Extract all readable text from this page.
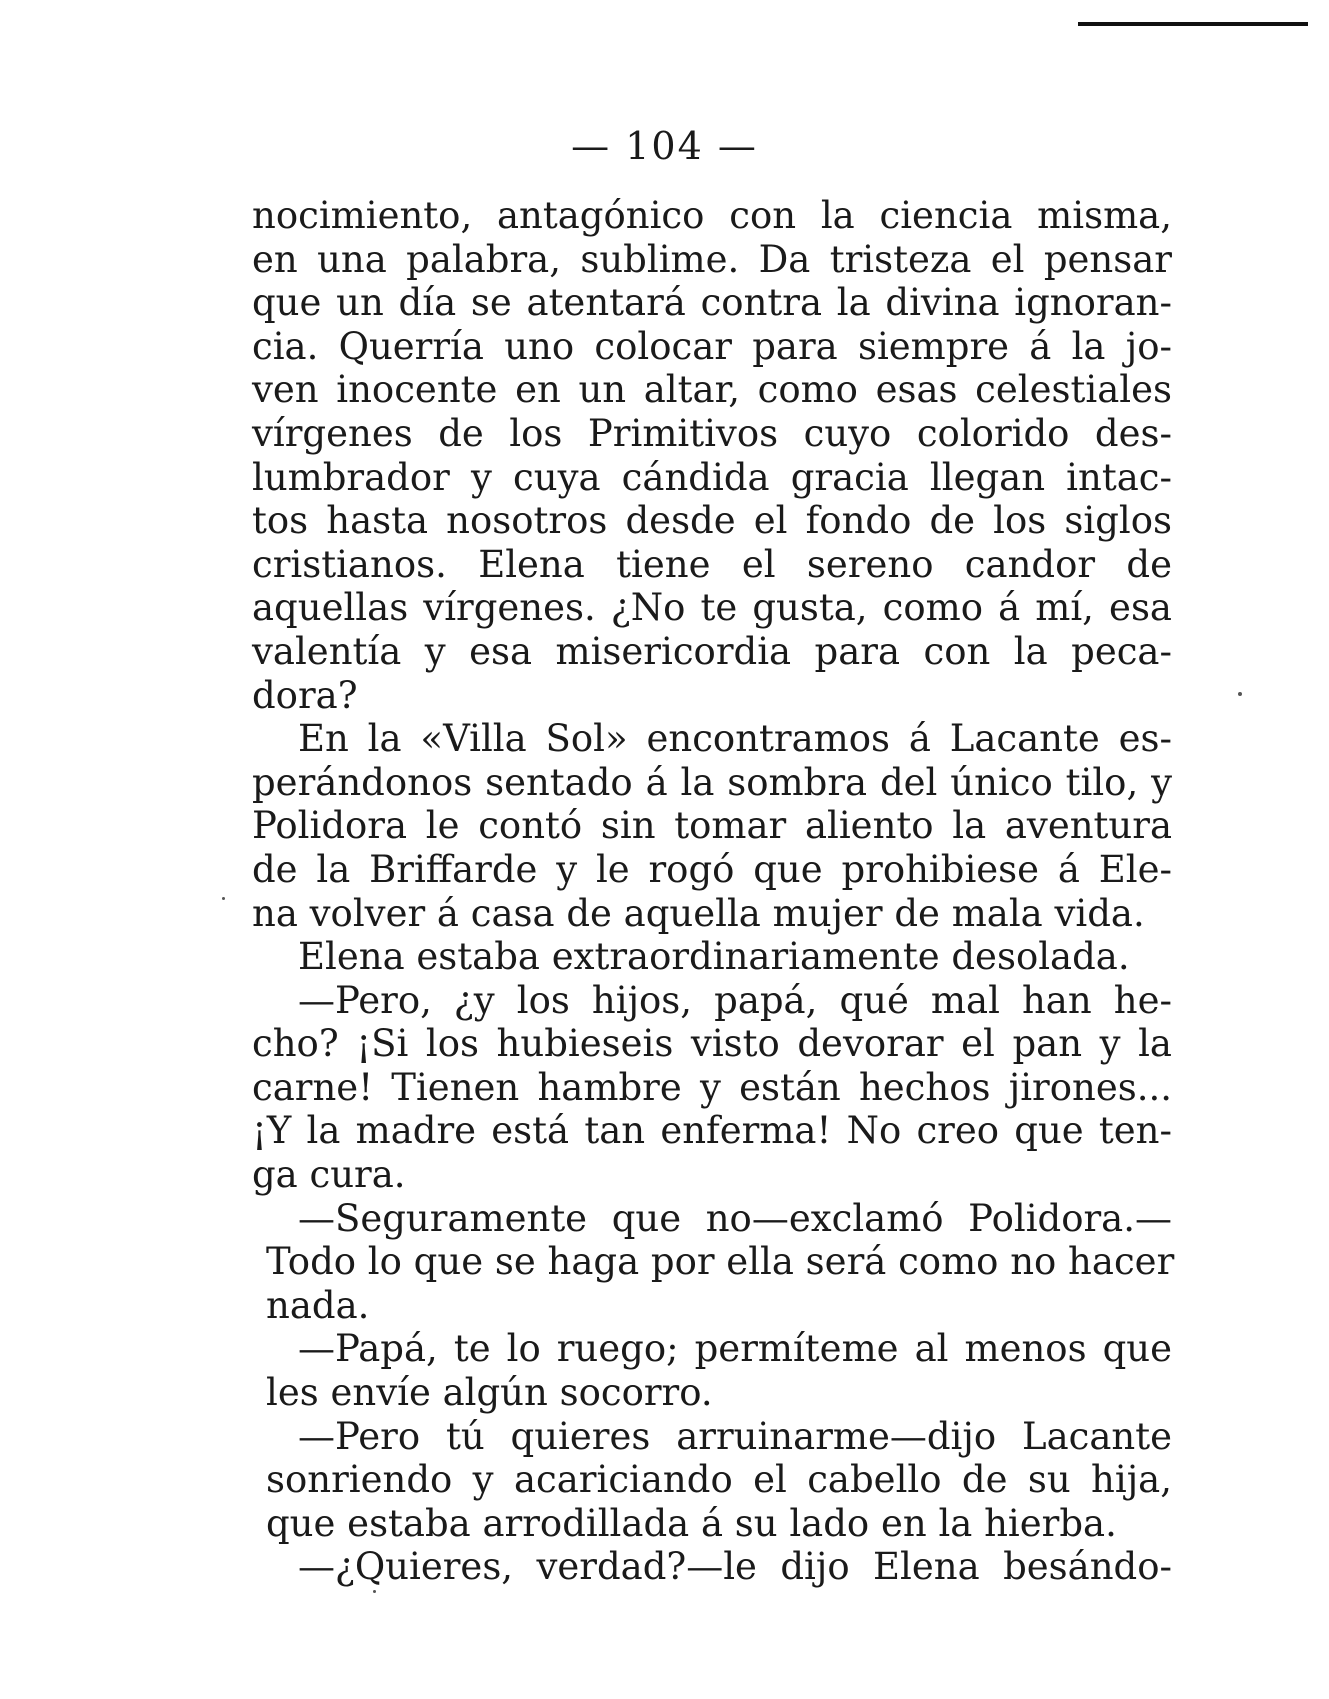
— 104 —
nocimiento, antagónico con la ciencia misma,
en una palabra, sublime. Da tristeza el pensar
que un día se atentará contra la divina ignoran-
cia. Querría uno colocar para siempre á la jo-
ven inocente en un altar, como esas celestiales
vírgenes de los Primitivos cuyo colorido des-
lumbrador y cuya cándida gracia llegan intac-
tos hasta nosotros desde el fondo de los siglos
cristianos. Elena tiene el sereno candor de
aquellas vírgenes. ¿No te gusta, como á mí, esa
valentía y esa misericordia para con la peca-
dora?
En la «Villa Sol» encontramos á Lacante es-
perándonos sentado á la sombra del único tilo, y
Polidora le contó sin tomar aliento la aventura
de la Briffarde y le rogó que prohibiese á Ele-
na volver á casa de aquella mujer de mala vida.
Elena estaba extraordinariamente desolada.
—Pero, ¿y los hijos, papá, qué mal han he-
cho? ¡Si los hubieseis visto devorar el pan y la
carne! Tienen hambre y están hechos jirones...
¡Y la madre está tan enferma! No creo que ten-
ga cura.
—Seguramente que no—exclamó Polidora.—
Todo lo que se haga por ella será como no hacer
nada.
—Papá, te lo ruego; permíteme al menos que
les envíe algún socorro.
—Pero tú quieres arruinarme—dijo Lacante
sonriendo y acariciando el cabello de su hija,
que estaba arrodillada á su lado en la hierba.
—¿Quieres, verdad?—le dijo Elena besándo-
